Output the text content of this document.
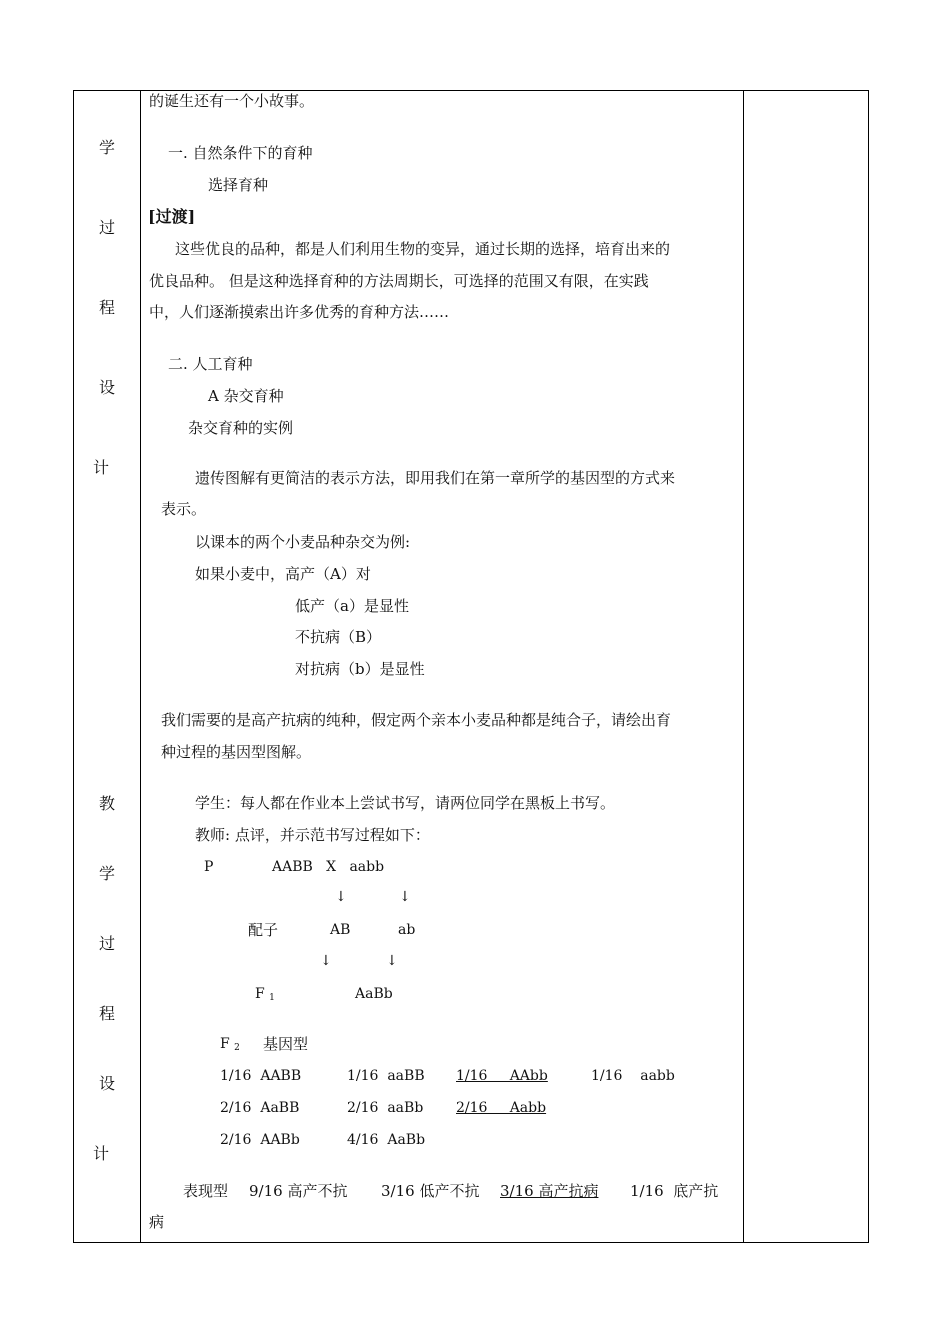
学
过
程
设
计
教
学
过
程
设
计
的诞生还有一个小故事。
一. 自然条件下的育种
选择育种
[过渡]
这些优良的品种，都是人们利用生物的变异，通过长期的选择，培育出来的
优良品种。 但是这种选择育种的方法周期长，可选择的范围又有限，在实践
中，人们逐渐摸索出许多优秀的育种方法……
二. 人工育种
A 杂交育种
杂交育种的实例
遗传图解有更简洁的表示方法，即用我们在第一章所学的基因型的方式来
表示。
以课本的两个小麦品种杂交为例:
如果小麦中，高产（A）对
低产（a）是显性
不抗病（B）
对抗病（b）是显性
我们需要的是高产抗病的纯种，假定两个亲本小麦品种都是纯合子，请绘出育
种过程的基因型图解。
学生：每人都在作业本上尝试书写，请两位同学在黑板上书写。
教师: 点评，并示范书写过程如下：
P	AABB   X   aabb
↓	↓
配子	AB	ab
↓	↓
F $_1$	AaBb
F $_2$ 基因型
1/16  AABB	1/16  aaBB 1/16     AAbb	1/16    aabb
2/16  AaBB	2/16  aaBb 2/16     Aabb
2/16  AABb	4/16  AaBb
表现型 9/16 高产不抗 3/16 低产不抗 3/16 高产抗病 1/16  底产抗
病
